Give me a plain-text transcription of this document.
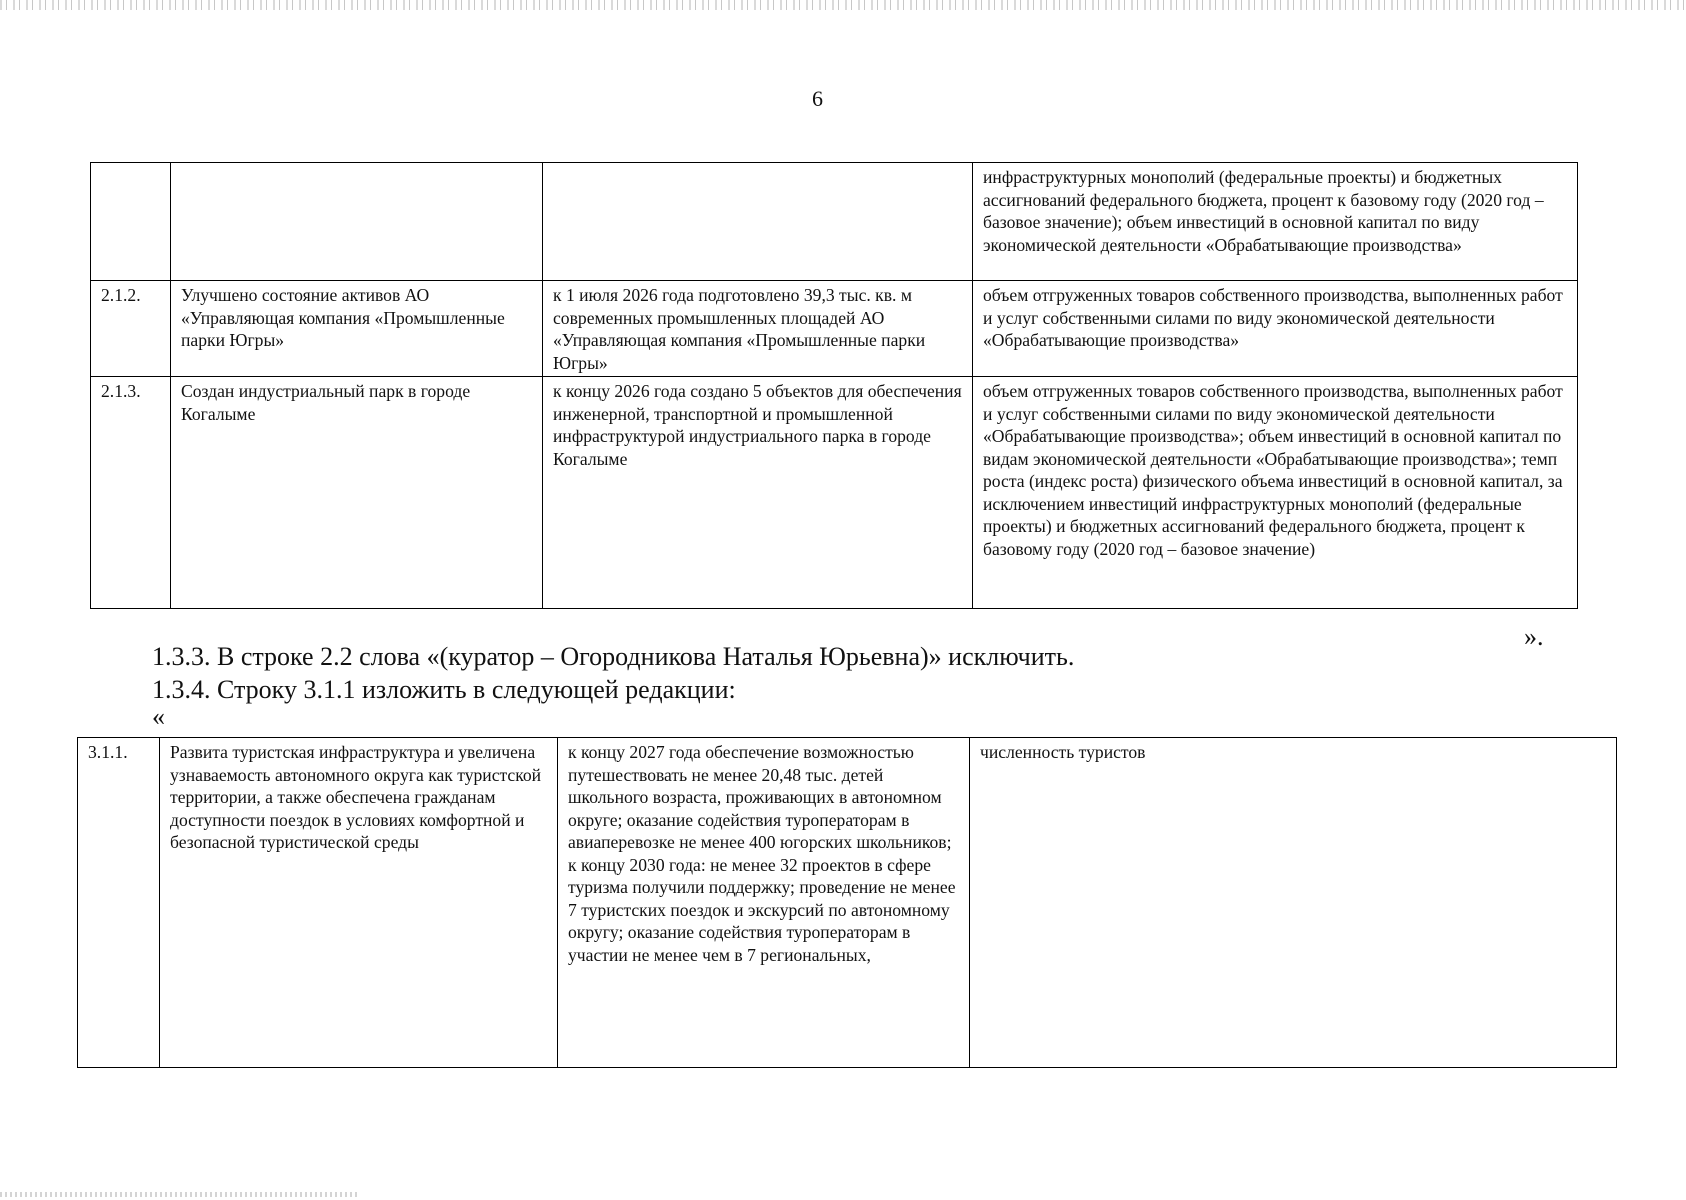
6
			инфраструктурных монополий (федеральные проекты) и бюджетных ассигнований федерального бюджета, процент к базовому году (2020 год – базовое значение); объем инвестиций в основной капитал по виду экономической деятельности «Обрабатывающие производства»
2.1.2.	Улучшено состояние активов АО «Управляющая компания «Промышленные парки Югры»	к 1 июля 2026 года подготовлено 39,3 тыс. кв. м современных промышленных площадей АО «Управляющая компания «Промышленные парки Югры»	объем отгруженных товаров собственного производства, выполненных работ и услуг собственными силами по виду экономической деятельности «Обрабатывающие производства»
2.1.3.	Создан индустриальный парк в городе Когалыме	к концу 2026 года создано 5 объектов для обеспечения инженерной, транспортной и промышленной инфраструктурой индустриального парка в городе Когалыме	объем отгруженных товаров собственного производства, выполненных работ и услуг собственными силами по виду экономической деятельности «Обрабатывающие производства»; объем инвестиций в основной капитал по видам экономической деятельности «Обрабатывающие производства»; темп роста (индекс роста) физического объема инвестиций в основной капитал, за исключением инвестиций инфраструктурных монополий (федеральные проекты) и бюджетных ассигнований федерального бюджета, процент к базовому году (2020 год – базовое значение)
».
1.3.3. В строке 2.2 слова «(куратор – Огородникова Наталья Юрьевна)» исключить.
1.3.4. Строку 3.1.1 изложить в следующей редакции:
«
3.1.1.	Развита туристская инфраструктура и увеличена узнаваемость автономного округа как туристской территории, а также обеспечена гражданам доступности поездок в условиях комфортной и безопасной туристической среды	к концу 2027 года обеспечение возможностью путешествовать не менее 20,48 тыс. детей школьного возраста, проживающих в автономном округе; оказание содействия туроператорам в авиаперевозке не менее 400 югорских школьников; к концу 2030 года: не менее 32 проектов в сфере туризма получили поддержку; проведение не менее 7 туристских поездок и экскурсий по автономному округу; оказание содействия туроператорам в участии не менее чем в 7 региональных,	численность туристов
